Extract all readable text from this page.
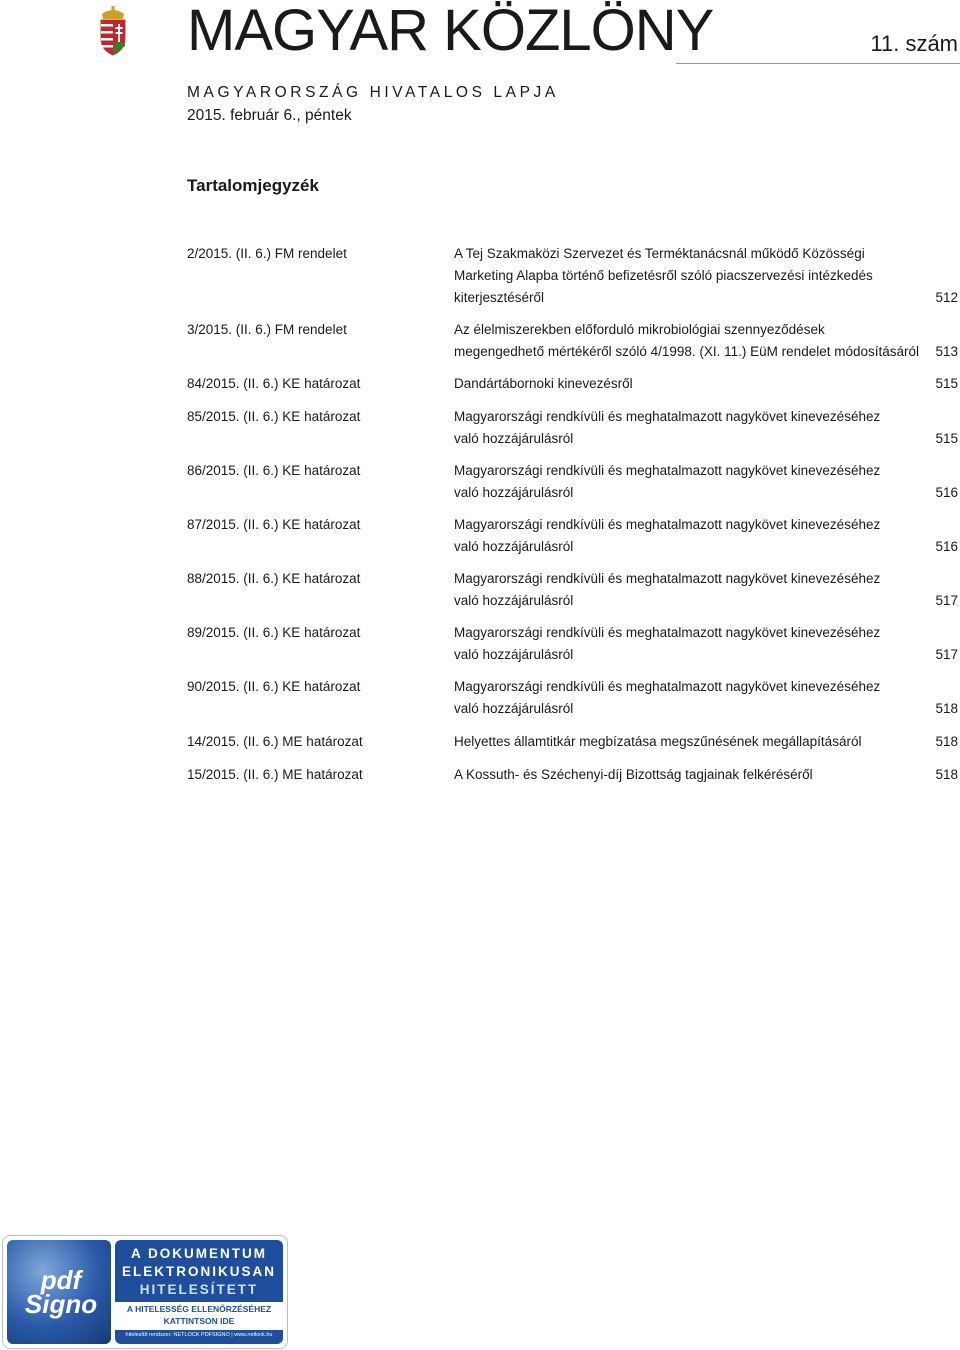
MAGYAR KÖZLÖNY	11. szám
MAGYARORSZÁG HIVATALOS LAPJA
2015. február 6., péntek
Tartalomjegyzék
2/2015. (II. 6.) FM rendelet	A Tej Szakmaközi Szervezet és Terméktanácsnál működő Közösségi
Marketing Alapba történő befizetésről szóló piacszervezési intézkedés
kiterjesztéséről	512
3/2015. (II. 6.) FM rendelet	Az élelmiszerekben előforduló mikrobiológiai szennyeződések
megengedhető mértékéről szóló 4/1998. (XI. 11.) EüM rendelet módosításáról 513
84/2015. (II. 6.) KE határozat	Dandártábornoki kinevezésről	515
85/2015. (II. 6.) KE határozat	Magyarországi rendkívüli és meghatalmazott nagykövet kinevezéséhez
való hozzájárulásról	515
86/2015. (II. 6.) KE határozat	Magyarországi rendkívüli és meghatalmazott nagykövet kinevezéséhez
való hozzájárulásról	516
87/2015. (II. 6.) KE határozat	Magyarországi rendkívüli és meghatalmazott nagykövet kinevezéséhez
való hozzájárulásról	516
88/2015. (II. 6.) KE határozat	Magyarországi rendkívüli és meghatalmazott nagykövet kinevezéséhez
való hozzájárulásról	517
89/2015. (II. 6.) KE határozat	Magyarországi rendkívüli és meghatalmazott nagykövet kinevezéséhez
való hozzájárulásról	517
90/2015. (II. 6.) KE határozat	Magyarországi rendkívüli és meghatalmazott nagykövet kinevezéséhez
való hozzájárulásról	518
14/2015. (II. 6.) ME határozat	Helyettes államtitkár megbízatása megszűnésének megállapításáról	518
15/2015. (II. 6.) ME határozat	A Kossuth- és Széchenyi-díj Bizottság tagjainak felkéréséről	518
pdf Signo
A DOKUMENTUM
ELEKTRONIKUSAN
HITELESÍTETT
A HITELESSÉG ELLENŐRZÉSÉHEZ
KATTINTSON IDE
hitelesítő rendszer: NETLOCK PDFSIGNO | www.netlock.hu
